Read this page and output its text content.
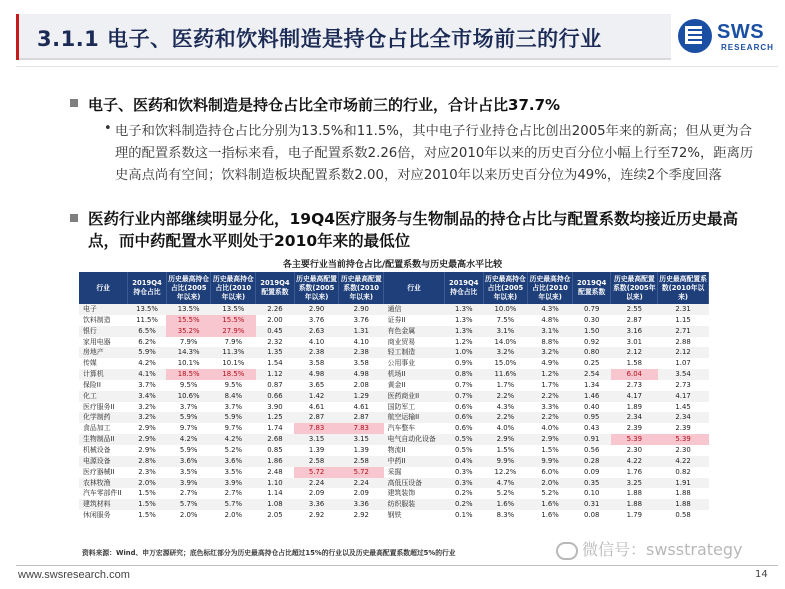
3.1.1 电子、医药和饮料制造是持仓占比全市场前三的行业	SWS
RESEARCH
电子、医药和饮料制造是持仓占比全市场前三的行业，合计占比37.7%
• 电子和饮料制造持仓占比分别为13.5%和11.5%，其中电子行业持仓占比创出2005年来的新高；但从更为合理的配置系数这一指标来看，电子配置系数2.26倍，对应2010年以来的历史百分位小幅上行至72%，距离历史高点尚有空间；饮料制造板块配置系数2.00，对应2010年以来历史百分位为49%，连续2个季度回落
医药行业内部继续明显分化，19Q4医疗服务与生物制品的持仓占比与配置系数均接近历史最高点，而中药配置水平则处于2010年来的最低位
各主要行业当前持仓占比/配置系数与历史最高水平比较
行业	2019Q4持仓占比	历史最高持仓占比(2005年以来)	历史最高持仓占比(2010年以来)	2019Q4配置系数	历史最高配置系数(2005年以来)	历史最高配置系数(2010年以来)	行业	2019Q4持仓占比	历史最高持仓占比(2005年以来)	历史最高持仓占比(2010年以来)	2019Q4配置系数	历史最高配置系数(2005年以来)	历史最高配置系数(2010年以来)
电子	13.5%	13.5%	13.5%	2.26	2.90	2.90	通信	1.3%	10.0%	4.3%	0.79	2.55	2.31
饮料制造	11.5%	15.5%	15.5%	2.00	3.76	3.76	证券II	1.3%	7.5%	4.8%	0.30	2.87	1.15
银行	6.5%	35.2%	27.9%	0.45	2.63	1.31	有色金属	1.3%	3.1%	3.1%	1.50	3.16	2.71
家用电器	6.2%	7.9%	7.9%	2.32	4.10	4.10	商业贸易	1.2%	14.0%	8.8%	0.92	3.01	2.88
房地产	5.9%	14.3%	11.3%	1.35	2.38	2.38	轻工制造	1.0%	3.2%	3.2%	0.80	2.12	2.12
传媒	4.2%	10.1%	10.1%	1.54	3.58	3.58	公用事业	0.9%	15.0%	4.9%	0.25	1.58	1.07
计算机	4.1%	18.5%	18.5%	1.12	4.98	4.98	机场II	0.8%	11.6%	1.2%	2.54	6.04	3.54
保险II	3.7%	9.5%	9.5%	0.87	3.65	2.08	黄金II	0.7%	1.7%	1.7%	1.34	2.73	2.73
化工	3.4%	10.6%	8.4%	0.66	1.42	1.29	医药商业II	0.7%	2.2%	2.2%	1.46	4.17	4.17
医疗服务II	3.2%	3.7%	3.7%	3.90	4.61	4.61	国防军工	0.6%	4.3%	3.3%	0.40	1.89	1.45
化学制药	3.2%	5.9%	5.9%	1.25	2.87	2.87	航空运输II	0.6%	2.2%	2.2%	0.95	2.34	2.34
食品加工	2.9%	9.7%	9.7%	1.74	7.83	7.83	汽车整车	0.6%	4.0%	4.0%	0.43	2.39	2.39
生物制品II	2.9%	4.2%	4.2%	2.68	3.15	3.15	电气自动化设备	0.5%	2.9%	2.9%	0.91	5.39	5.39
机械设备	2.9%	5.9%	5.2%	0.85	1.39	1.39	物流II	0.5%	1.5%	1.5%	0.56	2.30	2.30
电源设备	2.8%	3.6%	3.6%	1.86	2.58	2.58	中药II	0.4%	9.9%	9.9%	0.28	4.22	4.22
医疗器械II	2.3%	3.5%	3.5%	2.48	5.72	5.72	采掘	0.3%	12.2%	6.0%	0.09	1.76	0.82
农林牧渔	2.0%	3.9%	3.9%	1.10	2.24	2.24	高低压设备	0.3%	4.7%	2.0%	0.35	3.25	1.91
汽车零部件II	1.5%	2.7%	2.7%	1.14	2.09	2.09	建筑装饰	0.2%	5.2%	5.2%	0.10	1.88	1.88
建筑材料	1.5%	5.7%	5.7%	1.08	3.36	3.36	纺织服装	0.2%	1.6%	1.6%	0.31	1.88	1.88
休闲服务	1.5%	2.0%	2.0%	2.05	2.92	2.92	钢铁	0.1%	8.3%	1.6%	0.08	1.79	0.58
资料来源：Wind、申万宏源研究；底色标红部分为历史最高持仓占比超过15%的行业以及历史最高配置系数超过5%的行业	微信号：swsstrategy
www.swsresearch.com	14
